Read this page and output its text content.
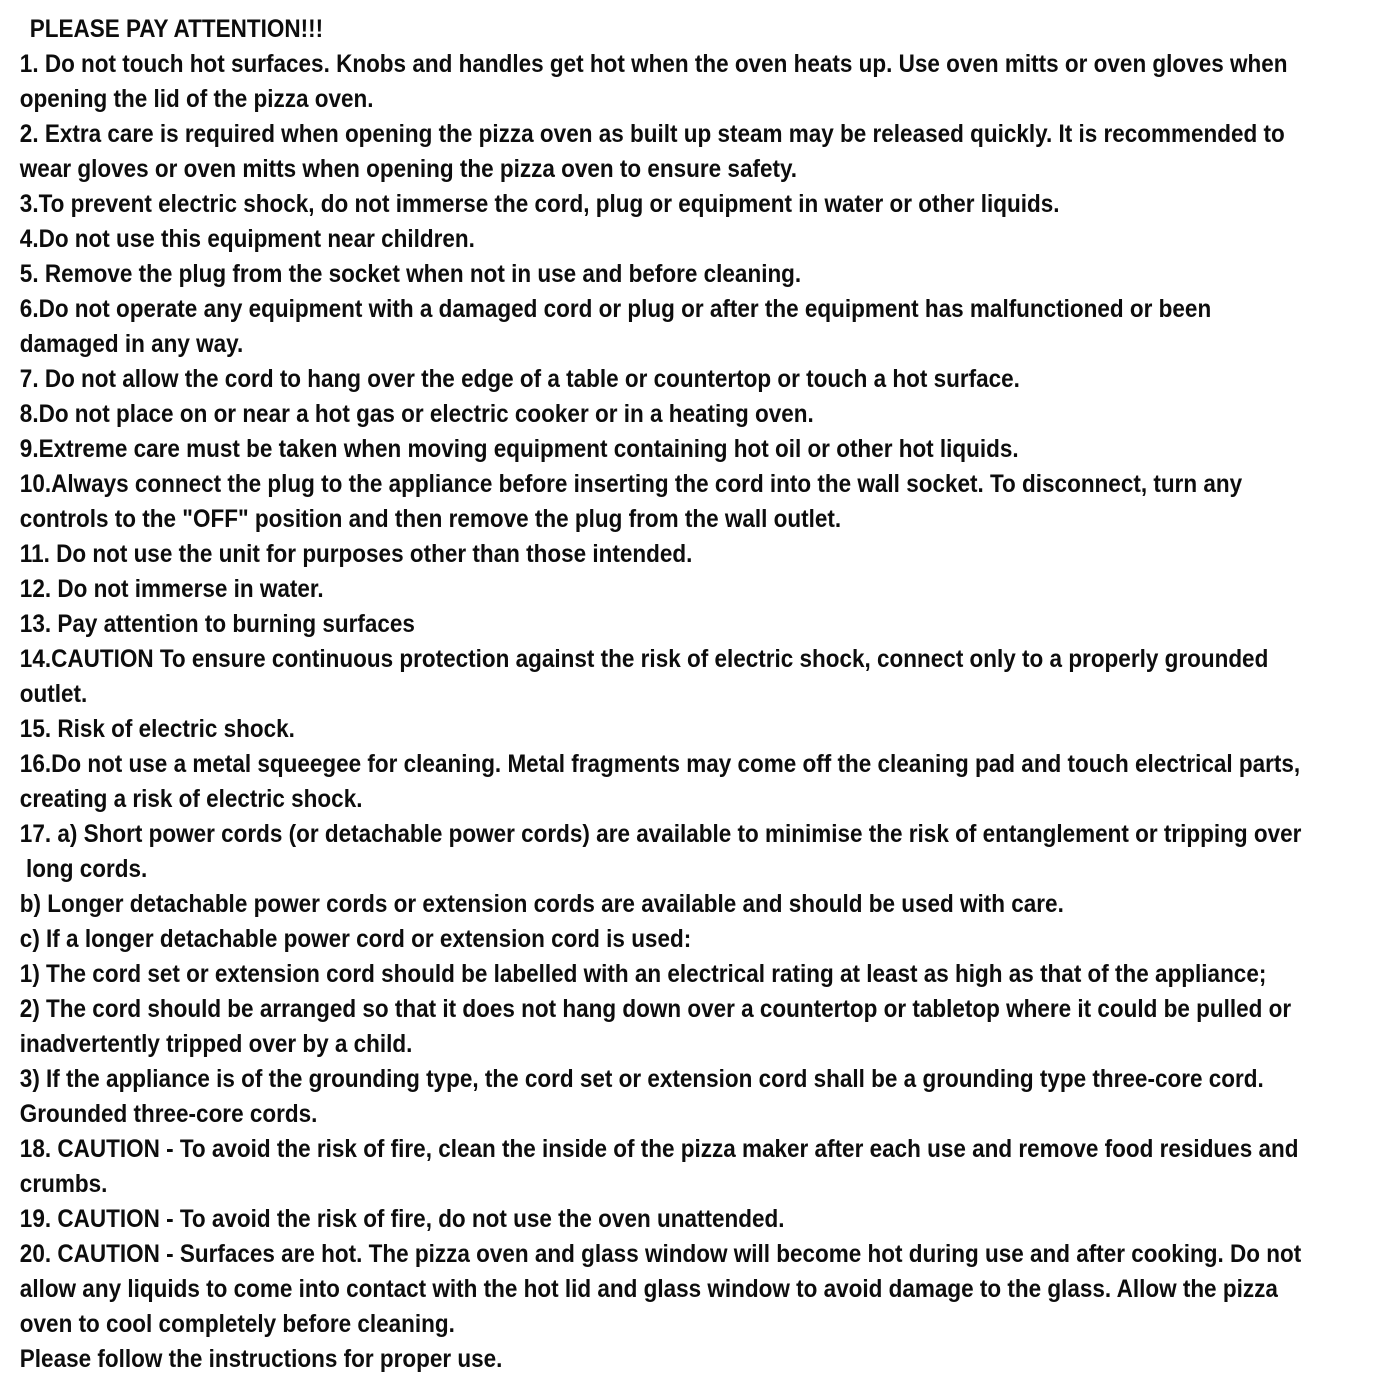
PLEASE PAY ATTENTION!!!
1. Do not touch hot surfaces. Knobs and handles get hot when the oven heats up. Use oven mitts or oven gloves when
opening the lid of the pizza oven.
2. Extra care is required when opening the pizza oven as built up steam may be released quickly. It is recommended to
wear gloves or oven mitts when opening the pizza oven to ensure safety.
3.To prevent electric shock, do not immerse the cord, plug or equipment in water or other liquids.
4.Do not use this equipment near children.
5. Remove the plug from the socket when not in use and before cleaning.
6.Do not operate any equipment with a damaged cord or plug or after the equipment has malfunctioned or been
damaged in any way.
7. Do not allow the cord to hang over the edge of a table or countertop or touch a hot surface.
8.Do not place on or near a hot gas or electric cooker or in a heating oven.
9.Extreme care must be taken when moving equipment containing hot oil or other hot liquids.
10.Always connect the plug to the appliance before inserting the cord into the wall socket. To disconnect, turn any
controls to the "OFF" position and then remove the plug from the wall outlet.
11. Do not use the unit for purposes other than those intended.
12. Do not immerse in water.
13. Pay attention to burning surfaces
14.CAUTION To ensure continuous protection against the risk of electric shock, connect only to a properly grounded
outlet.
15. Risk of electric shock.
16.Do not use a metal squeegee for cleaning. Metal fragments may come off the cleaning pad and touch electrical parts,
creating a risk of electric shock.
17. a) Short power cords (or detachable power cords) are available to minimise the risk of entanglement or tripping over
long cords.
b) Longer detachable power cords or extension cords are available and should be used with care.
c) If a longer detachable power cord or extension cord is used:
1) The cord set or extension cord should be labelled with an electrical rating at least as high as that of the appliance;
2) The cord should be arranged so that it does not hang down over a countertop or tabletop where it could be pulled or
inadvertently tripped over by a child.
3) If the appliance is of the grounding type, the cord set or extension cord shall be a grounding type three-core cord.
Grounded three-core cords.
18. CAUTION - To avoid the risk of fire, clean the inside of the pizza maker after each use and remove food residues and
crumbs.
19. CAUTION - To avoid the risk of fire, do not use the oven unattended.
20. CAUTION - Surfaces are hot. The pizza oven and glass window will become hot during use and after cooking. Do not
allow any liquids to come into contact with the hot lid and glass window to avoid damage to the glass. Allow the pizza
oven to cool completely before cleaning.
Please follow the instructions for proper use.
